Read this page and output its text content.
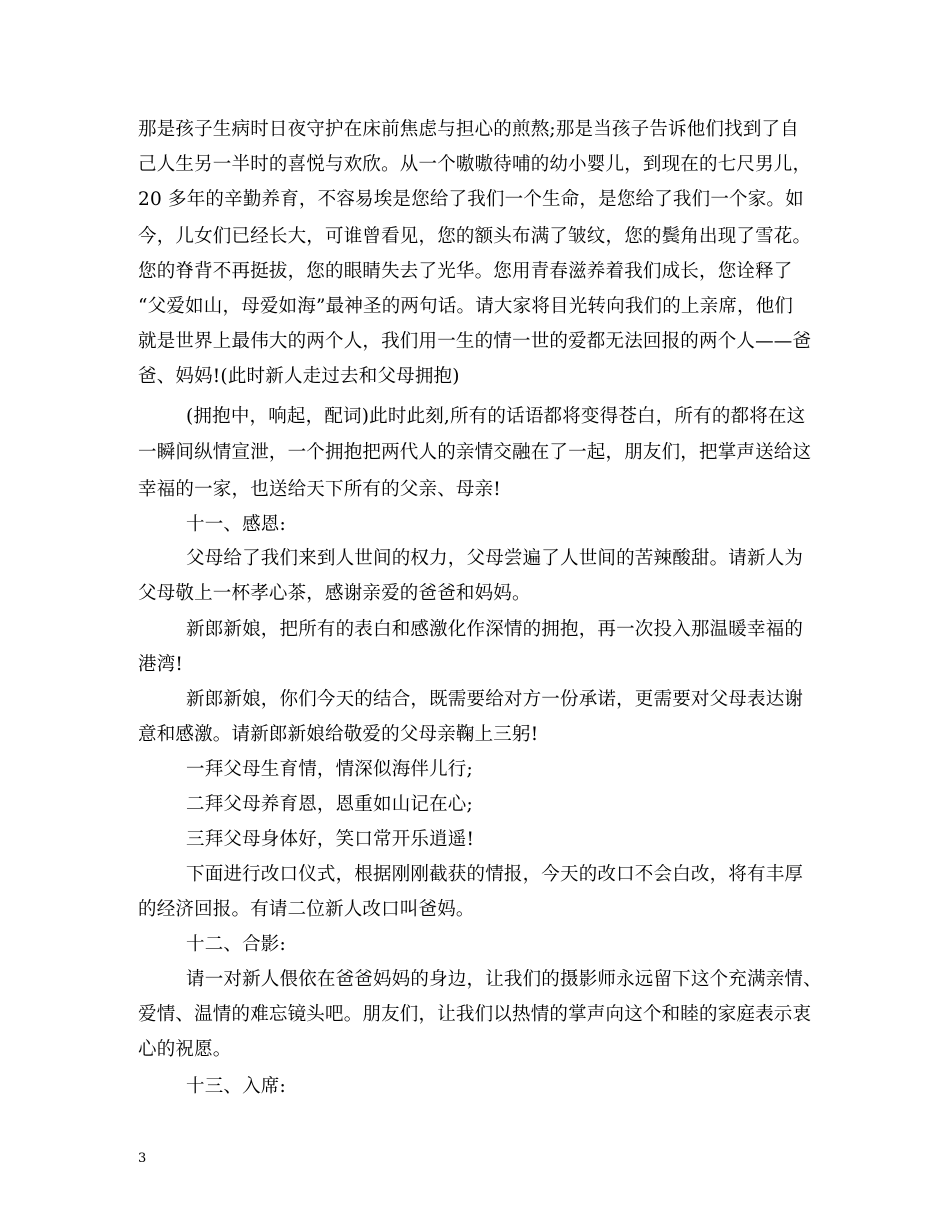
那是孩子生病时日夜守护在床前焦虑与担心的煎熬;那是当孩子告诉他们找到了自
己人生另一半时的喜悦与欢欣。从一个嗷嗷待哺的幼小婴儿，到现在的七尺男儿，
20 多年的辛勤养育，不容易埃是您给了我们一个生命，是您给了我们一个家。如
今，儿女们已经长大，可谁曾看见，您的额头布满了皱纹，您的鬓角出现了雪花。
您的脊背不再挺拔，您的眼睛失去了光华。您用青春滋养着我们成长，您诠释了
“父爱如山，母爱如海”最神圣的两句话。请大家将目光转向我们的上亲席，他们
就是世界上最伟大的两个人，我们用一生的情一世的爱都无法回报的两个人——爸
爸、妈妈!(此时新人走过去和父母拥抱)
(拥抱中，响起，配词)此时此刻,所有的话语都将变得苍白，所有的都将在这
一瞬间纵情宣泄，一个拥抱把两代人的亲情交融在了一起，朋友们，把掌声送给这
幸福的一家，也送给天下所有的父亲、母亲!
十一、感恩:
父母给了我们来到人世间的权力，父母尝遍了人世间的苦辣酸甜。请新人为
父母敬上一杯孝心茶，感谢亲爱的爸爸和妈妈。
新郎新娘，把所有的表白和感激化作深情的拥抱，再一次投入那温暖幸福的
港湾!
新郎新娘，你们今天的结合，既需要给对方一份承诺，更需要对父母表达谢
意和感激。请新郎新娘给敬爱的父母亲鞠上三躬!
一拜父母生育情，情深似海伴儿行;
二拜父母养育恩，恩重如山记在心;
三拜父母身体好，笑口常开乐逍遥!
下面进行改口仪式，根据刚刚截获的情报，今天的改口不会白改，将有丰厚
的经济回报。有请二位新人改口叫爸妈。
十二、合影:
请一对新人偎依在爸爸妈妈的身边，让我们的摄影师永远留下这个充满亲情、
爱情、温情的难忘镜头吧。朋友们，让我们以热情的掌声向这个和睦的家庭表示衷
心的祝愿。
十三、入席:
3
